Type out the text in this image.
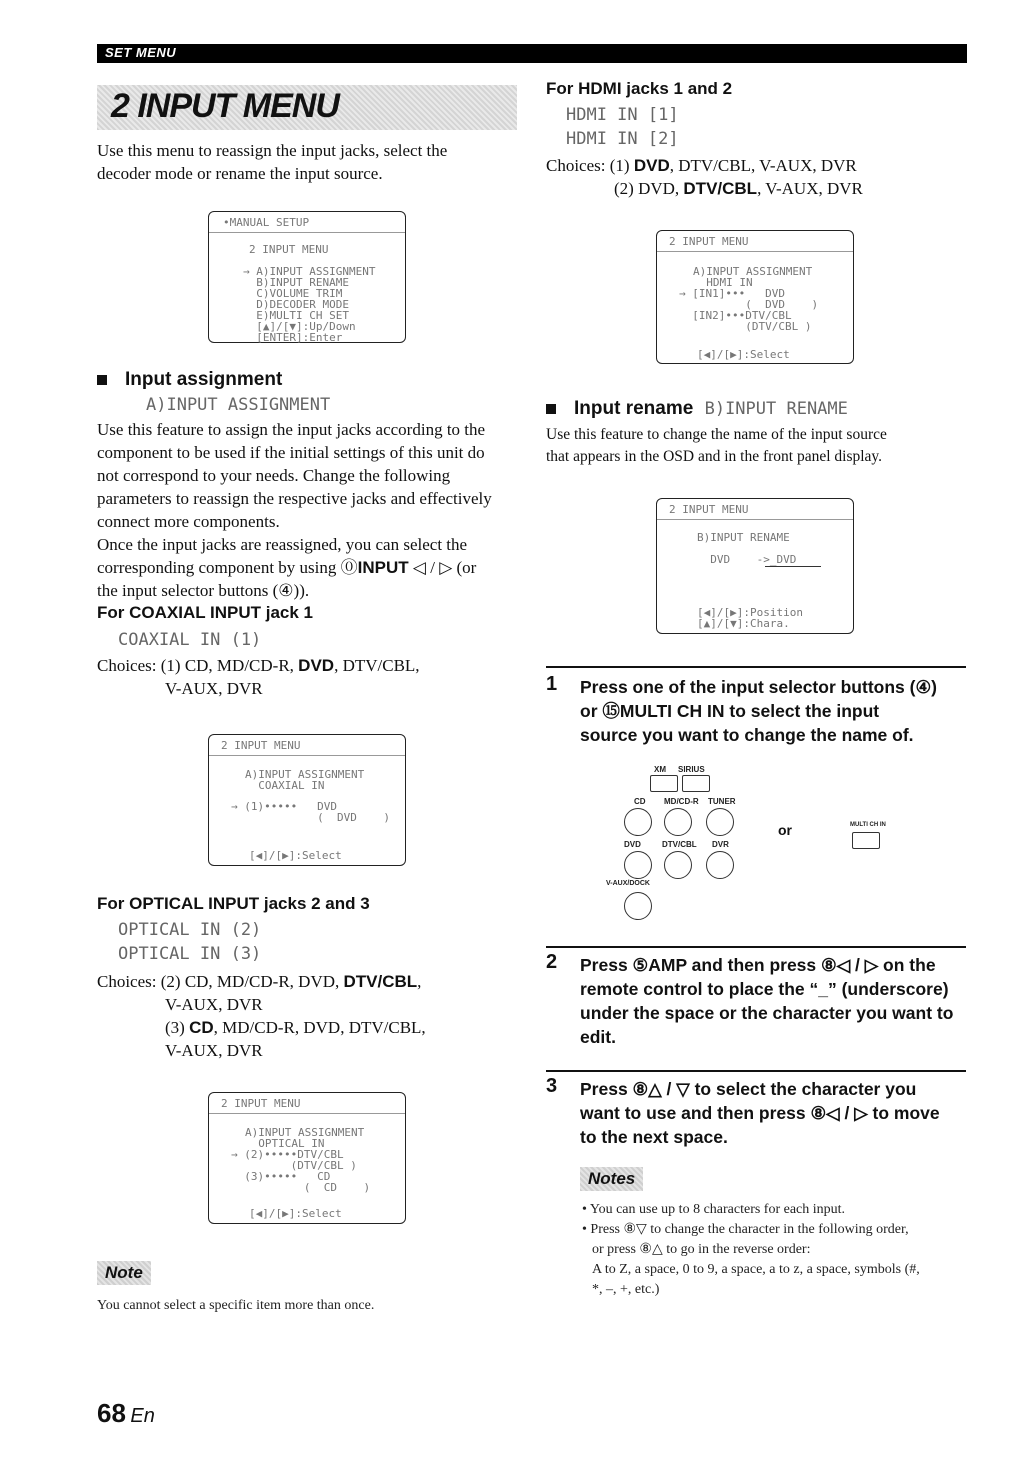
SET MENU
2 INPUT MENU
Use this menu to reassign the input jacks, select the
decoder mode or rename the input source.
•MANUAL SETUP
2 INPUT MENU
→ A)INPUT ASSIGNMENT
B)INPUT RENAME
C)VOLUME TRIM
D)DECODER MODE
E)MULTI CH SET
[▲]/[▼]:Up/Down
[ENTER]:Enter
Input assignment
A)INPUT ASSIGNMENT
Use this feature to assign the input jacks according to the
component to be used if the initial settings of this unit do
not correspond to your needs. Change the following
parameters to reassign the respective jacks and effectively
connect more components.
Once the input jacks are reassigned, you can select the
corresponding component by using ⓪INPUT ◁ / ▷ (or
the input selector buttons (④)).
For COAXIAL INPUT jack 1
COAXIAL IN (1)
Choices: (1) CD, MD/CD-R, DVD, DTV/CBL,
V-AUX, DVR
2 INPUT MENU
A)INPUT ASSIGNMENT
COAXIAL IN
→ (1)•••••   DVD
(  DVD    )
[◀]/[▶]:Select
For OPTICAL INPUT jacks 2 and 3
OPTICAL IN (2)
OPTICAL IN (3)
Choices: (2) CD, MD/CD-R, DVD, DTV/CBL,
V-AUX, DVR
(3) CD, MD/CD-R, DVD, DTV/CBL,
V-AUX, DVR
2 INPUT MENU
A)INPUT ASSIGNMENT
OPTICAL IN
→ (2)•••••DTV/CBL
(DTV/CBL )
(3)•••••   CD
(  CD    )
[◀]/[▶]:Select
Note
You cannot select a specific item more than once.
For HDMI jacks 1 and 2
HDMI IN [1]
HDMI IN [2]
Choices: (1) DVD, DTV/CBL, V-AUX, DVR
(2) DVD, DTV/CBL, V-AUX, DVR
2 INPUT MENU
A)INPUT ASSIGNMENT
HDMI IN
→ [IN1]•••   DVD
(  DVD    )
[IN2]•••DTV/CBL
(DTV/CBL )
[◀]/[▶]:Select
Input rename B)INPUT RENAME
Use this feature to change the name of the input source
that appears in the OSD and in the front panel display.
2 INPUT MENU
B)INPUT RENAME
DVD    ->_DVD
[◀]/[▶]:Position
[▲]/[▼]:Chara.
1 Press one of the input selector buttons (④)
or ⑮MULTI CH IN to select the input
source you want to change the name of.
XM SIRIUS
CD MD/CD-R TUNER
DVD	DTV/CBL DVR
V-AUX/DOCK
or	MULTI CH IN
2 Press ⑤AMP and then press ⑧◁ / ▷ on the
remote control to place the “_” (underscore)
under the space or the character you want to
edit.
3 Press ⑧△ / ▽ to select the character you
want to use and then press ⑧◁ / ▷ to move
to the next space.
Notes
• You can use up to 8 characters for each input.
• Press ⑧▽ to change the character in the following order,
or press ⑧△ to go in the reverse order:
A to Z, a space, 0 to 9, a space, a to z, a space, symbols (#,
*, –, +, etc.)
68 En
